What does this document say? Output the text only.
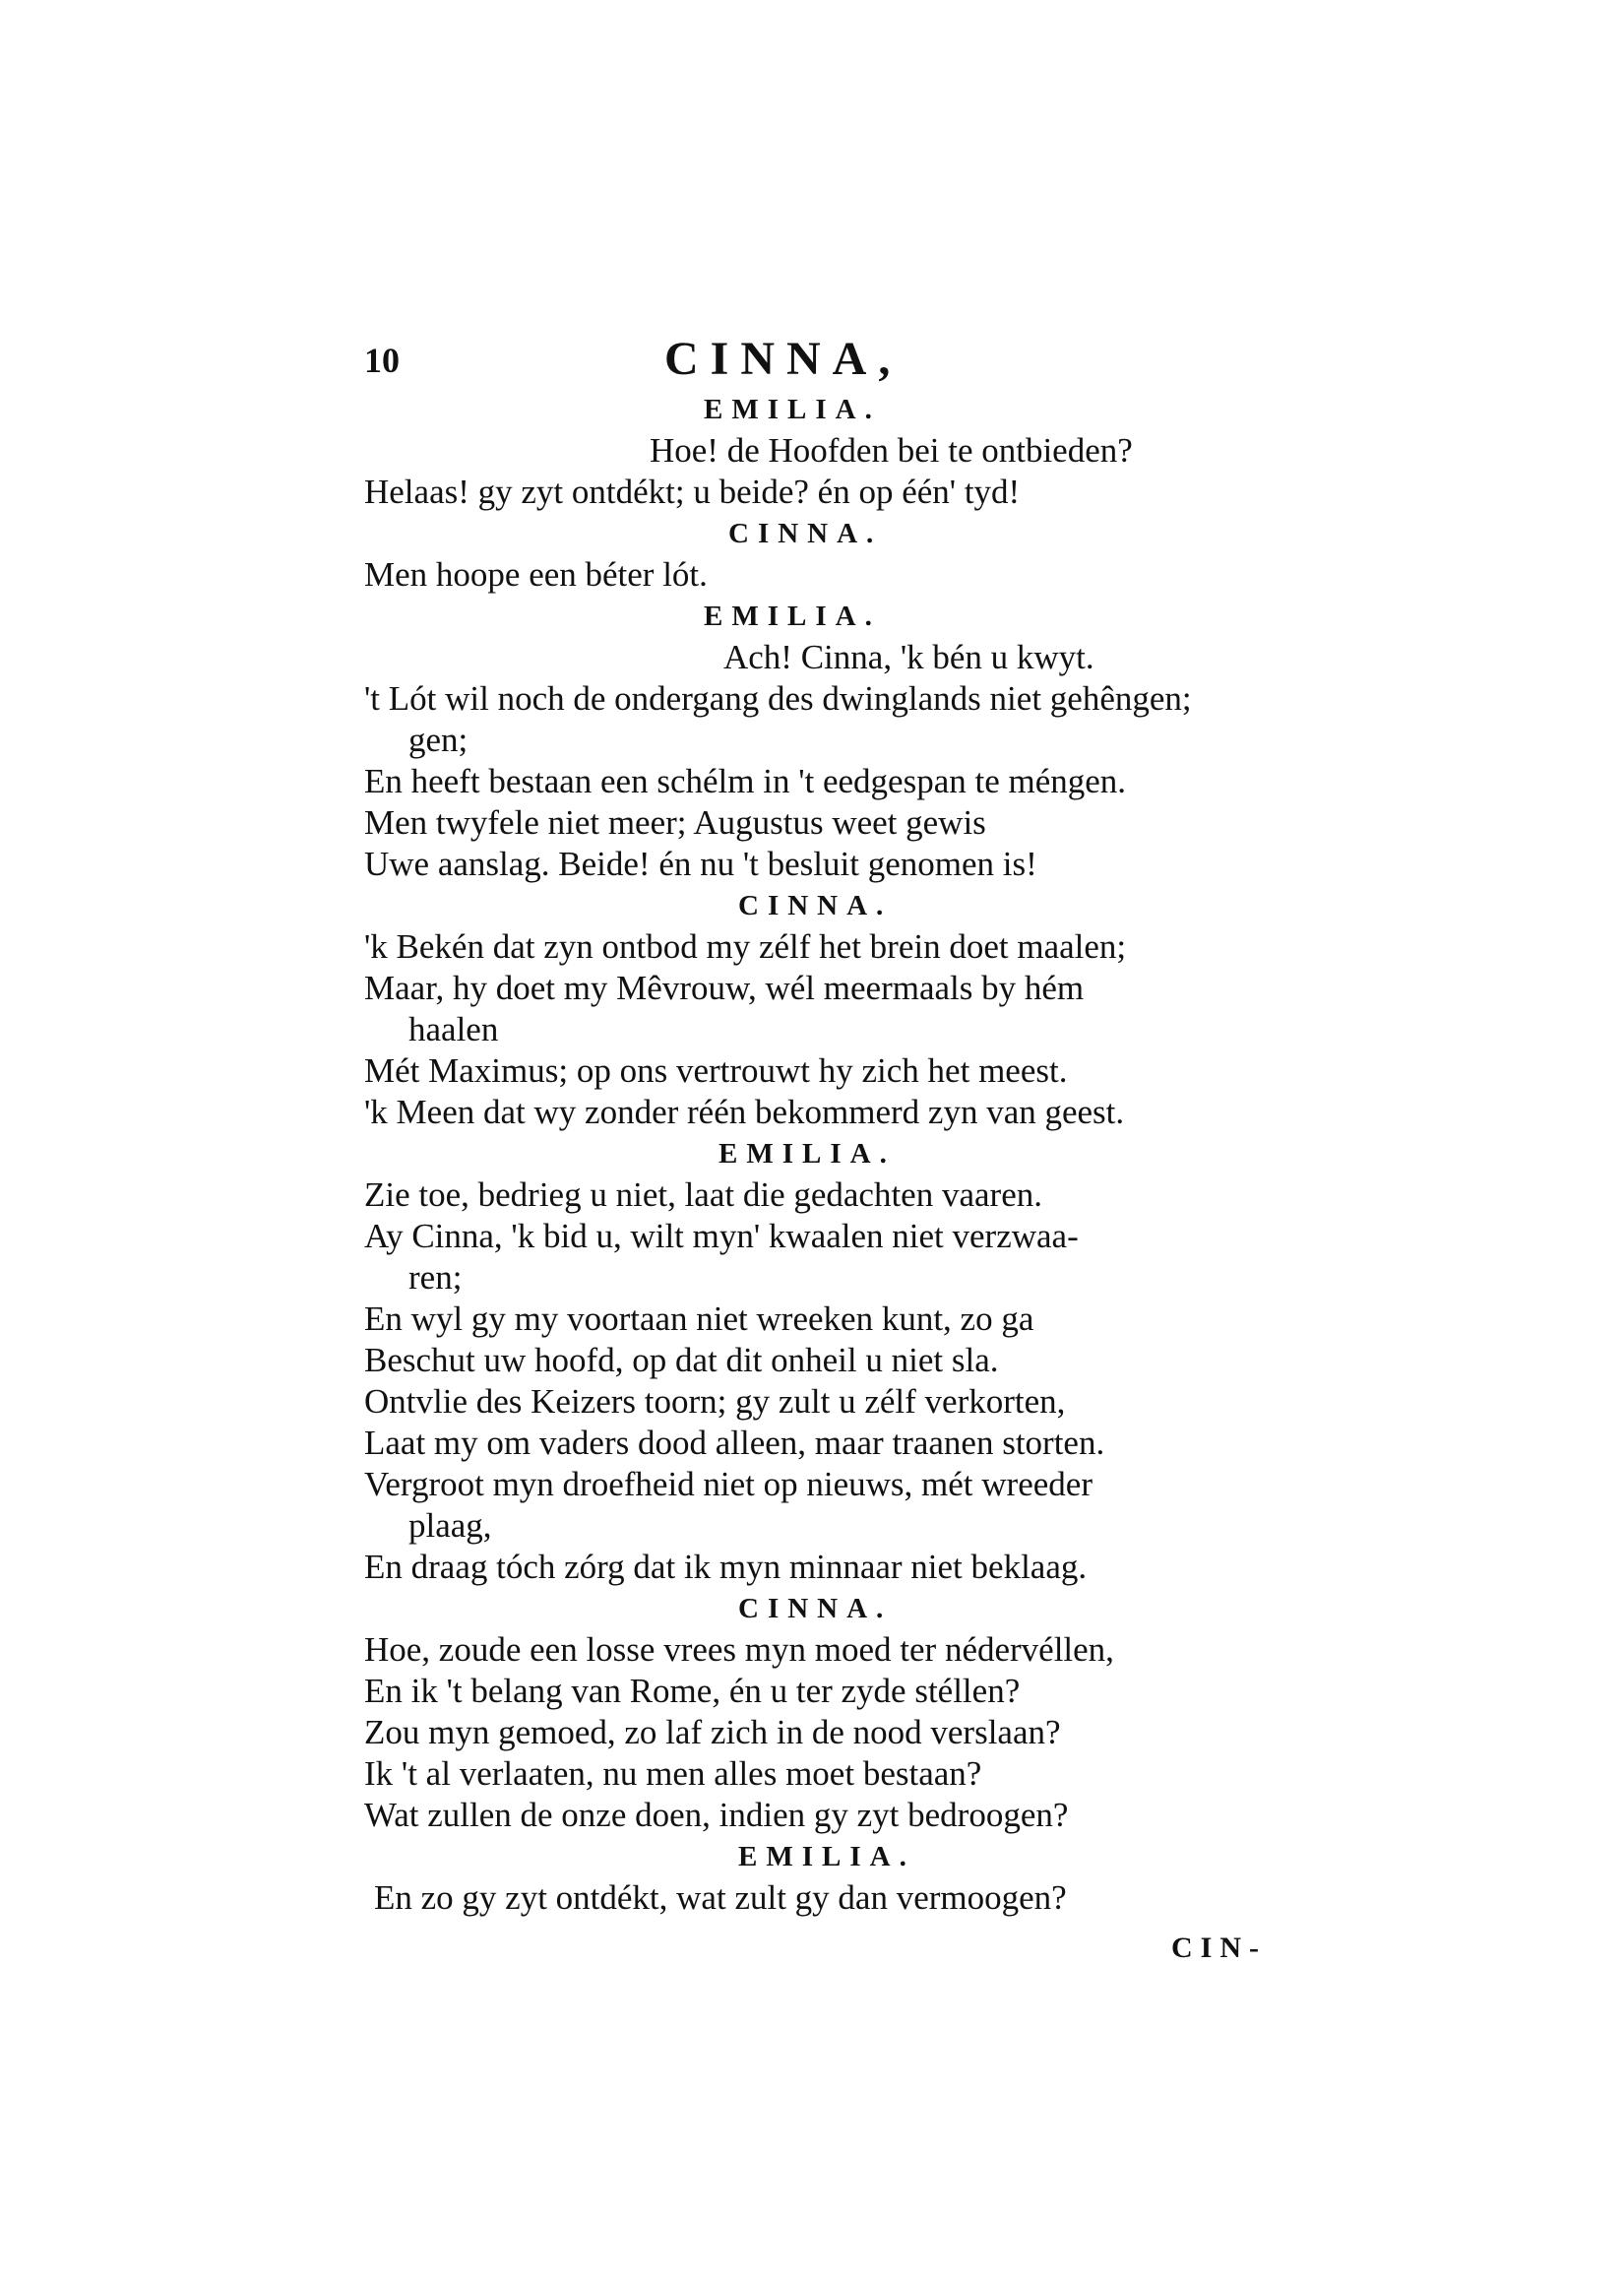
10	CINNA,
EMILIA.
Hoe! de Hoofden bei te ontbieden?
Helaas! gy zyt ontdékt; u beide? én op één' tyd!
CINNA.
Men hoope een béter lót.
EMILIA.
Ach! Cinna, 'k bén u kwyt.
't Lót wil noch de ondergang des dwinglands niet gehêngen;
gen;
En heeft bestaan een schélm in 't eedgespan te méngen.
Men twyfele niet meer; Augustus weet gewis
Uwe aanslag. Beide! én nu 't besluit genomen is!
CINNA.
'k Bekén dat zyn ontbod my zélf het brein doet maalen;
Maar, hy doet my Mêvrouw, wél meermaals by hém
haalen
Mét Maximus; op ons vertrouwt hy zich het meest.
'k Meen dat wy zonder réén bekommerd zyn van geest.
EMILIA.
Zie toe, bedrieg u niet, laat die gedachten vaaren.
Ay Cinna, 'k bid u, wilt myn' kwaalen niet verzwaa-
ren;
En wyl gy my voortaan niet wreeken kunt, zo ga
Beschut uw hoofd, op dat dit onheil u niet sla.
Ontvlie des Keizers toorn; gy zult u zélf verkorten,
Laat my om vaders dood alleen, maar traanen storten.
Vergroot myn droefheid niet op nieuws, mét wreeder
plaag,
En draag tóch zórg dat ik myn minnaar niet beklaag.
CINNA.
Hoe, zoude een losse vrees myn moed ter nédervéllen,
En ik 't belang van Rome, én u ter zyde stéllen?
Zou myn gemoed, zo laf zich in de nood verslaan?
Ik 't al verlaaten, nu men alles moet bestaan?
Wat zullen de onze doen, indien gy zyt bedroogen?
EMILIA.
En zo gy zyt ontdékt, wat zult gy dan vermoogen?
CIN-
